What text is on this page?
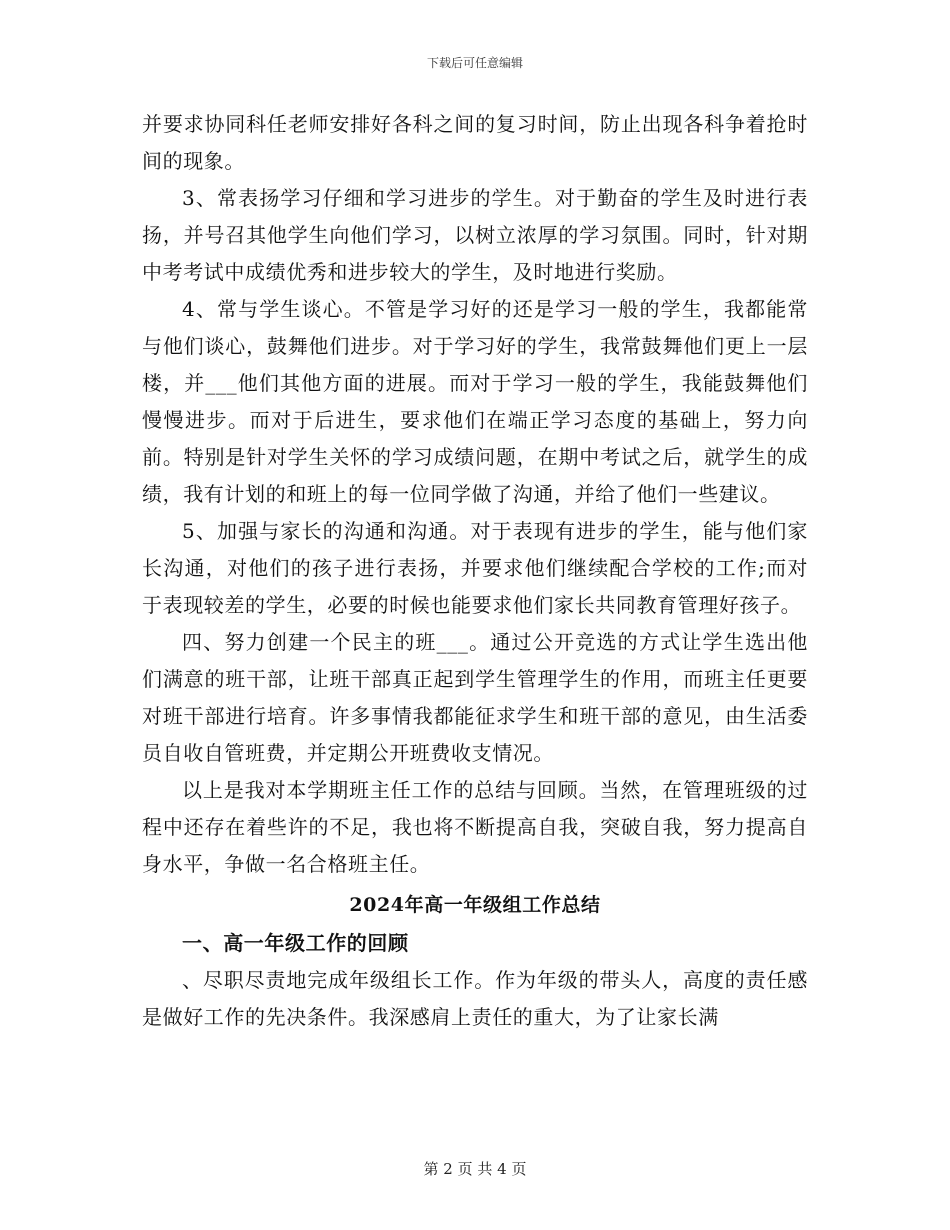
下载后可任意编辑

并要求协同科任老师安排好各科之间的复习时间，防止出现各科争着抢时间的现象。

3、常表扬学习仔细和学习进步的学生。对于勤奋的学生及时进行表扬，并号召其他学生向他们学习，以树立浓厚的学习氛围。同时，针对期中考考试中成绩优秀和进步较大的学生，及时地进行奖励。

4、常与学生谈心。不管是学习好的还是学习一般的学生，我都能常与他们谈心，鼓舞他们进步。对于学习好的学生，我常鼓舞他们更上一层楼，并___他们其他方面的进展。而对于学习一般的学生，我能鼓舞他们慢慢进步。而对于后进生，要求他们在端正学习态度的基础上，努力向前。特别是针对学生关怀的学习成绩问题，在期中考试之后，就学生的成绩，我有计划的和班上的每一位同学做了沟通，并给了他们一些建议。

5、加强与家长的沟通和沟通。对于表现有进步的学生，能与他们家长沟通，对他们的孩子进行表扬，并要求他们继续配合学校的工作;而对于表现较差的学生，必要的时候也能要求他们家长共同教育管理好孩子。

四、努力创建一个民主的班___。通过公开竞选的方式让学生选出他们满意的班干部，让班干部真正起到学生管理学生的作用，而班主任更要对班干部进行培育。许多事情我都能征求学生和班干部的意见，由生活委员自收自管班费，并定期公开班费收支情况。

以上是我对本学期班主任工作的总结与回顾。当然，在管理班级的过程中还存在着些许的不足，我也将不断提高自我，突破自我，努力提高自身水平，争做一名合格班主任。

2024年高一年级组工作总结

一、高一年级工作的回顾

、尽职尽责地完成年级组长工作。作为年级的带头人，高度的责任感是做好工作的先决条件。我深感肩上责任的重大，为了让家长满

第 2 页 共 4 页
